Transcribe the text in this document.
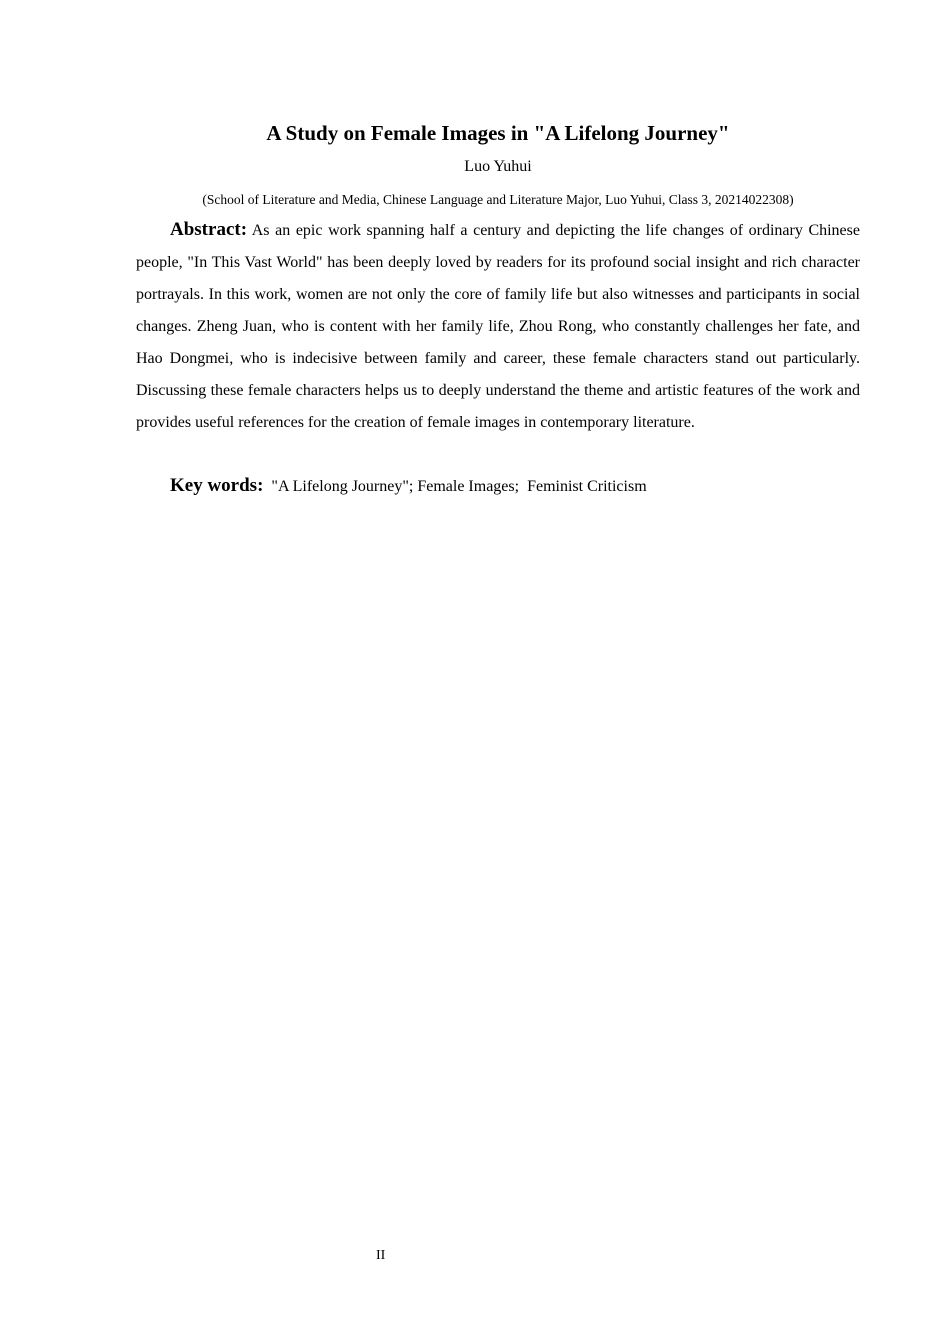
A Study on Female Images in "A Lifelong Journey"

Luo Yuhui

(School of Literature and Media, Chinese Language and Literature Major, Luo Yuhui, Class 3, 20214022308)

Abstract: As an epic work spanning half a century and depicting the life changes of ordinary Chinese people, "In This Vast World" has been deeply loved by readers for its profound social insight and rich character portrayals. In this work, women are not only the core of family life but also witnesses and participants in social changes. Zheng Juan, who is content with her family life, Zhou Rong, who constantly challenges her fate, and Hao Dongmei, who is indecisive between family and career, these female characters stand out particularly. Discussing these female characters helps us to deeply understand the theme and artistic features of the work and provides useful references for the creation of female images in contemporary literature.

Key words: "A Lifelong Journey"; Female Images;  Feminist Criticism

II
